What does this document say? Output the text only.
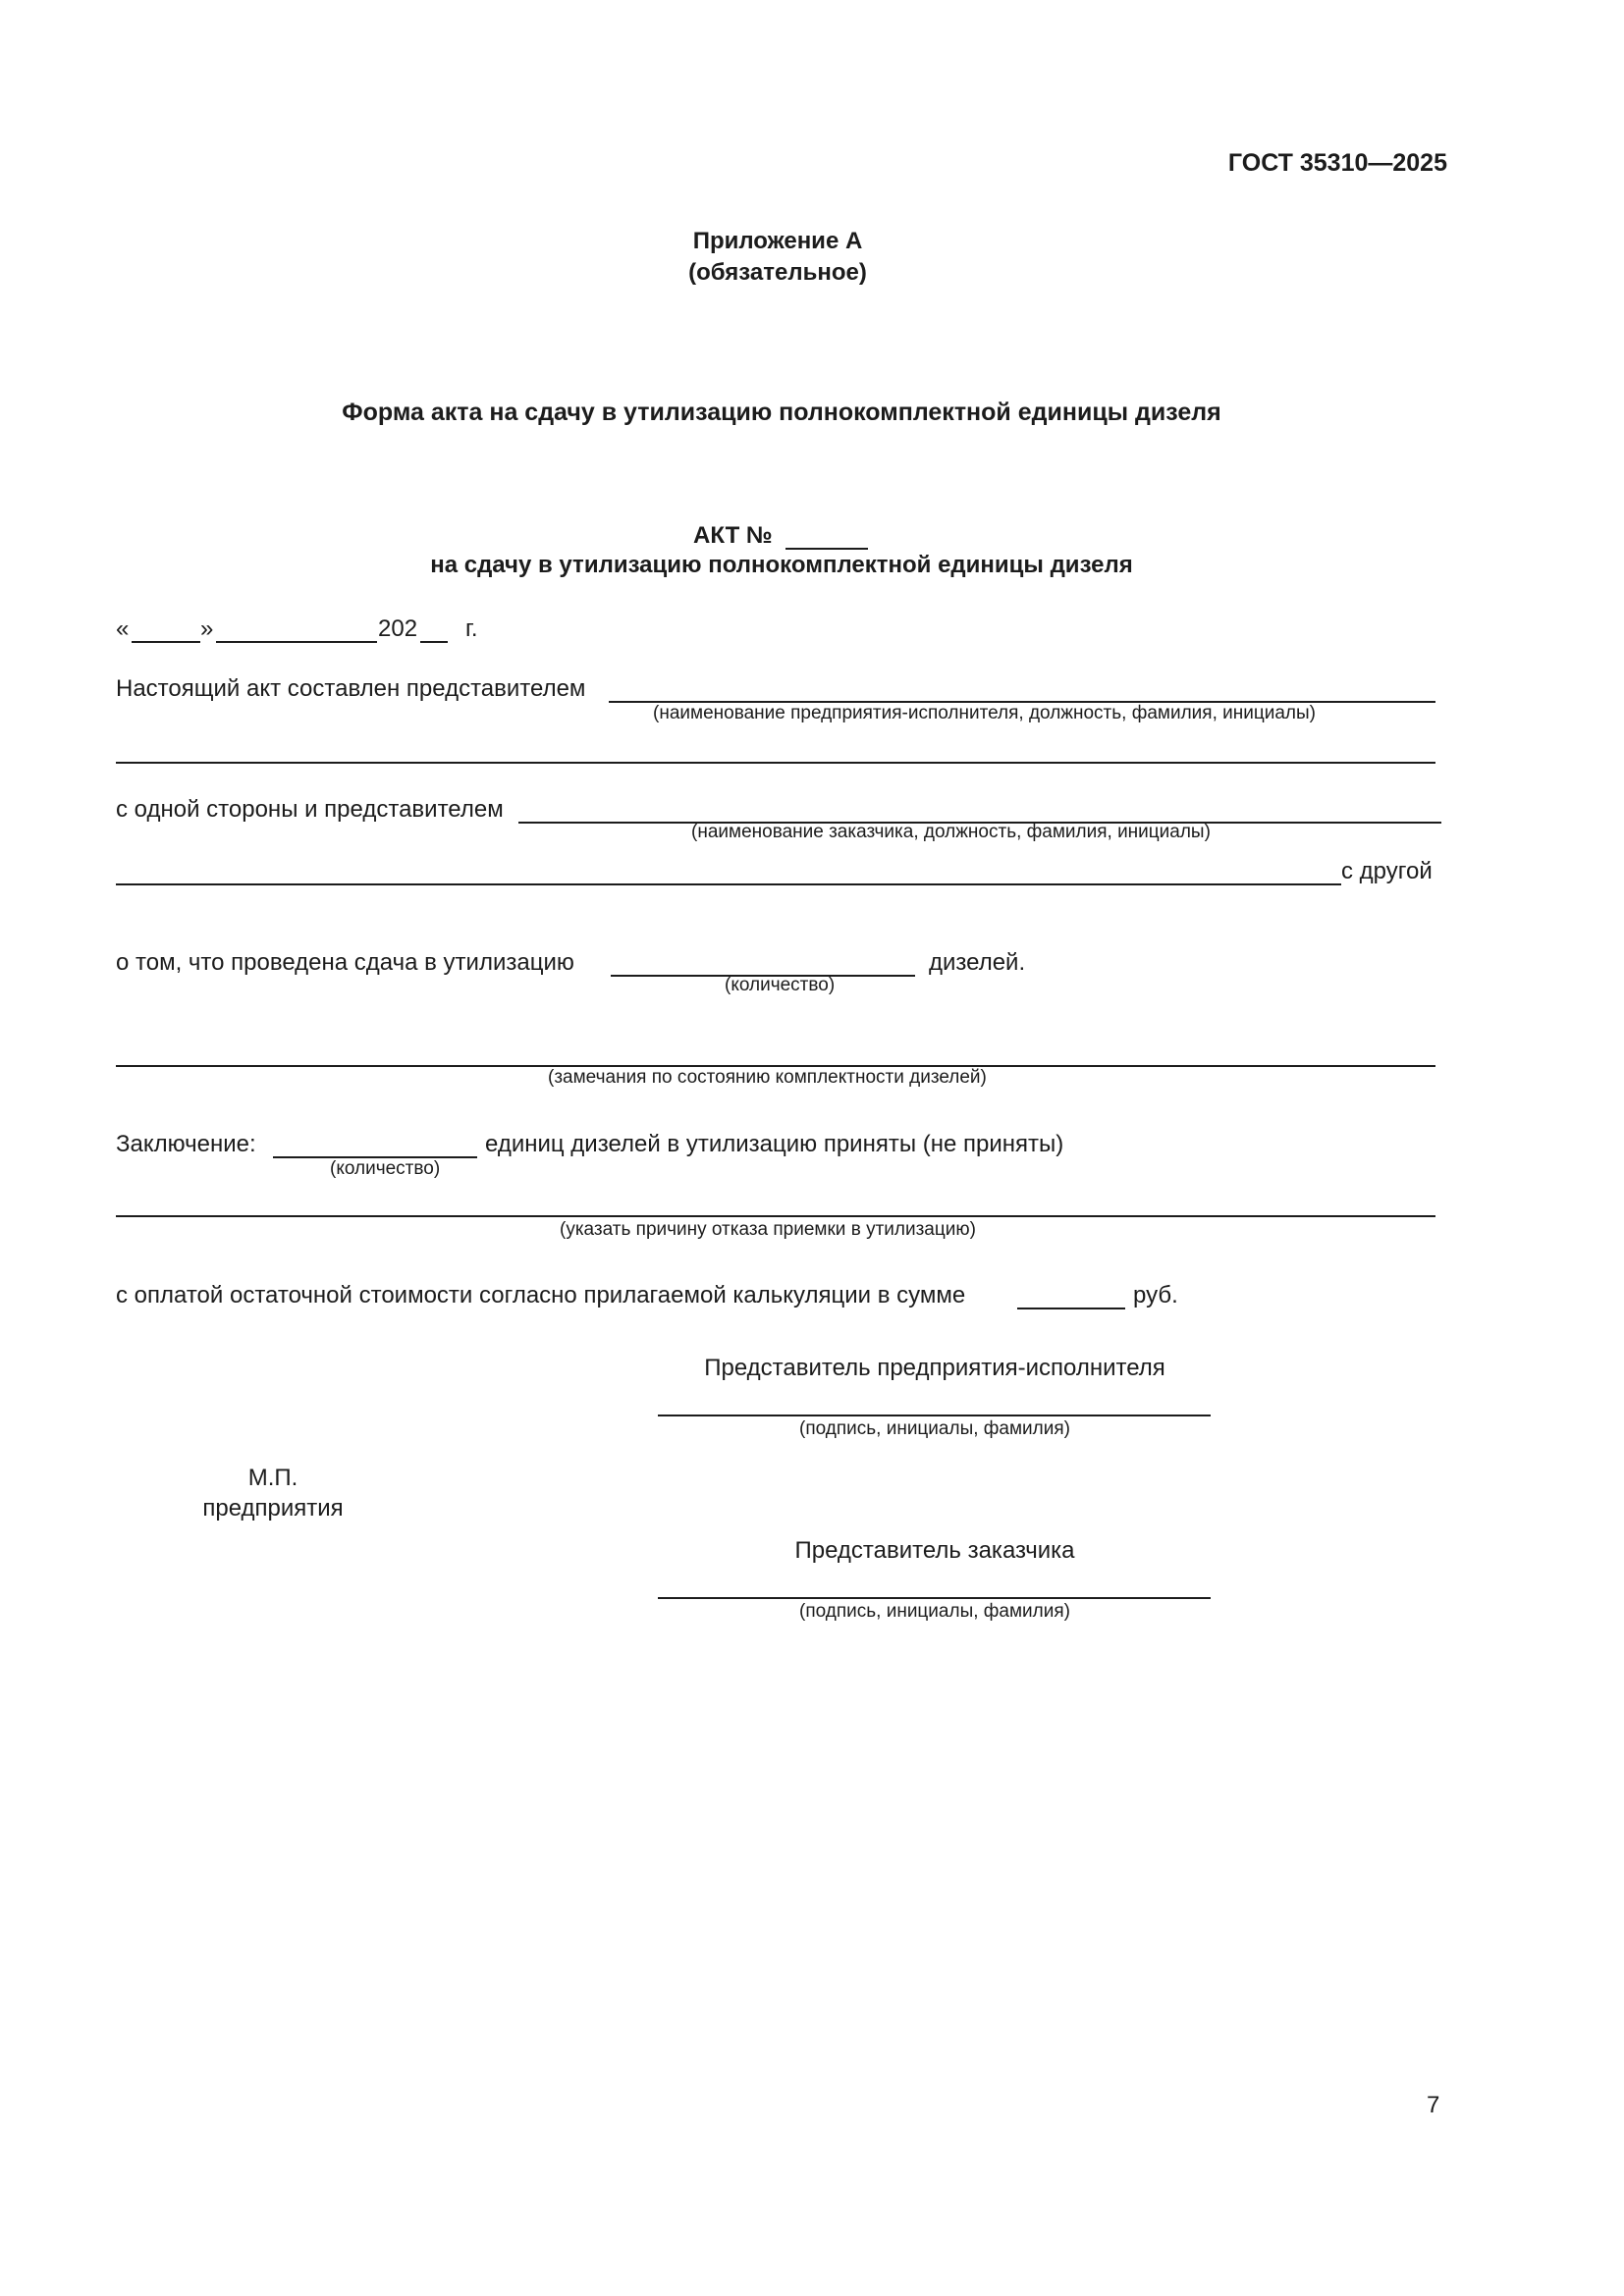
ГОСТ 35310—2025
Приложение А
(обязательное)
Форма акта на сдачу в утилизацию полнокомплектной единицы дизеля
АКТ №
на сдачу в утилизацию полнокомплектной единицы дизеля
«	»	202 г.
Настоящий акт составлен представителем
(наименование предприятия-исполнителя, должность, фамилия, инициалы)
с одной стороны и представителем
(наименование заказчика, должность, фамилия, инициалы)
с другой
о том, что проведена сдача в утилизацию
(количество)
дизелей.
(замечания по состоянию комплектности дизелей)
Заключение:
(количество)
единиц дизелей в утилизацию приняты (не приняты)
(указать причину отказа приемки в утилизацию)
с оплатой остаточной стоимости согласно прилагаемой калькуляции в сумме	руб.
Представитель предприятия-исполнителя
(подпись, инициалы, фамилия)
М.П.
предприятия
Представитель заказчика
(подпись, инициалы, фамилия)
7
